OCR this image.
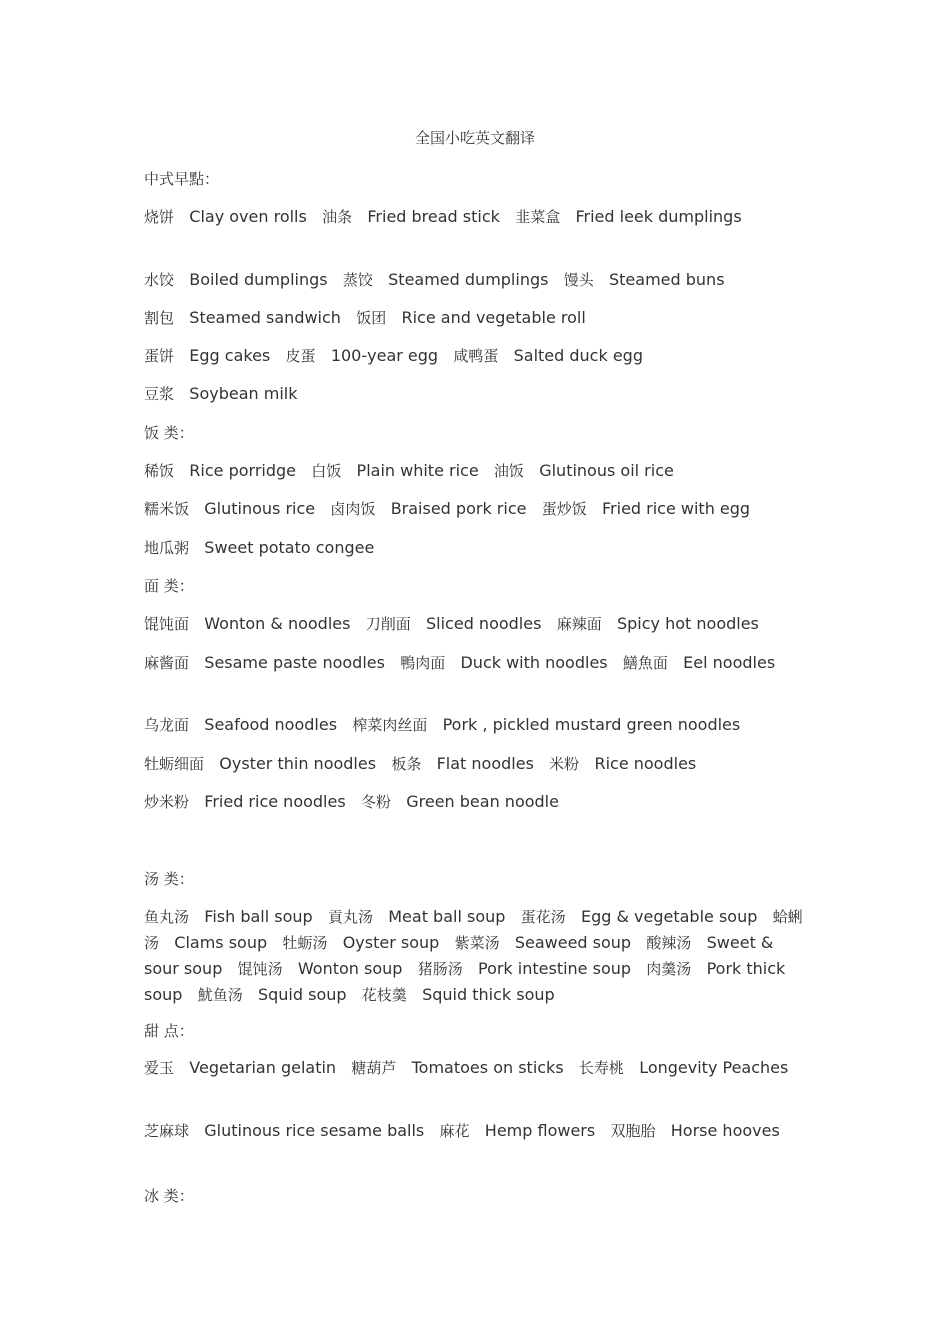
全国小吃英文翻译
中式早點：
烧饼 Clay oven rolls 油条 Fried bread stick 韭菜盒 Fried leek dumplings
水饺 Boiled dumplings 蒸饺 Steamed dumplings 馒头 Steamed buns
割包 Steamed sandwich 饭团 Rice and vegetable roll
蛋饼 Egg cakes 皮蛋 100-year egg 咸鸭蛋 Salted duck egg
豆浆 Soybean milk
饭 类：
稀饭 Rice porridge 白饭 Plain white rice 油饭 Glutinous oil rice
糯米饭 Glutinous rice 卤肉饭 Braised pork rice 蛋炒饭 Fried rice with egg
地瓜粥 Sweet potato congee
面 类：
馄饨面 Wonton & noodles 刀削面 Sliced noodles 麻辣面 Spicy hot noodles
麻酱面 Sesame paste noodles 鴨肉面 Duck with noodles 鱔魚面 Eel noodles
乌龙面 Seafood noodles 榨菜肉丝面 Pork , pickled mustard green noodles
牡蛎细面 Oyster thin noodles 板条 Flat noodles 米粉 Rice noodles
炒米粉 Fried rice noodles 冬粉 Green bean noodle
汤 类：
鱼丸汤 Fish ball soup 貢丸汤 Meat ball soup 蛋花汤 Egg & vegetable soup 蛤蜊汤 Clams soup 牡蛎汤 Oyster soup 紫菜汤 Seaweed soup 酸辣汤 Sweet & sour soup 馄饨汤 Wonton soup 猪肠汤 Pork intestine soup 肉羹汤 Pork thick soup 魷鱼汤 Squid soup 花枝羹 Squid thick soup
甜 点：
爱玉 Vegetarian gelatin 糖葫芦 Tomatoes on sticks 长寿桃 Longevity Peaches
芝麻球 Glutinous rice sesame balls 麻花 Hemp flowers 双胞胎 Horse hooves
冰 类：
